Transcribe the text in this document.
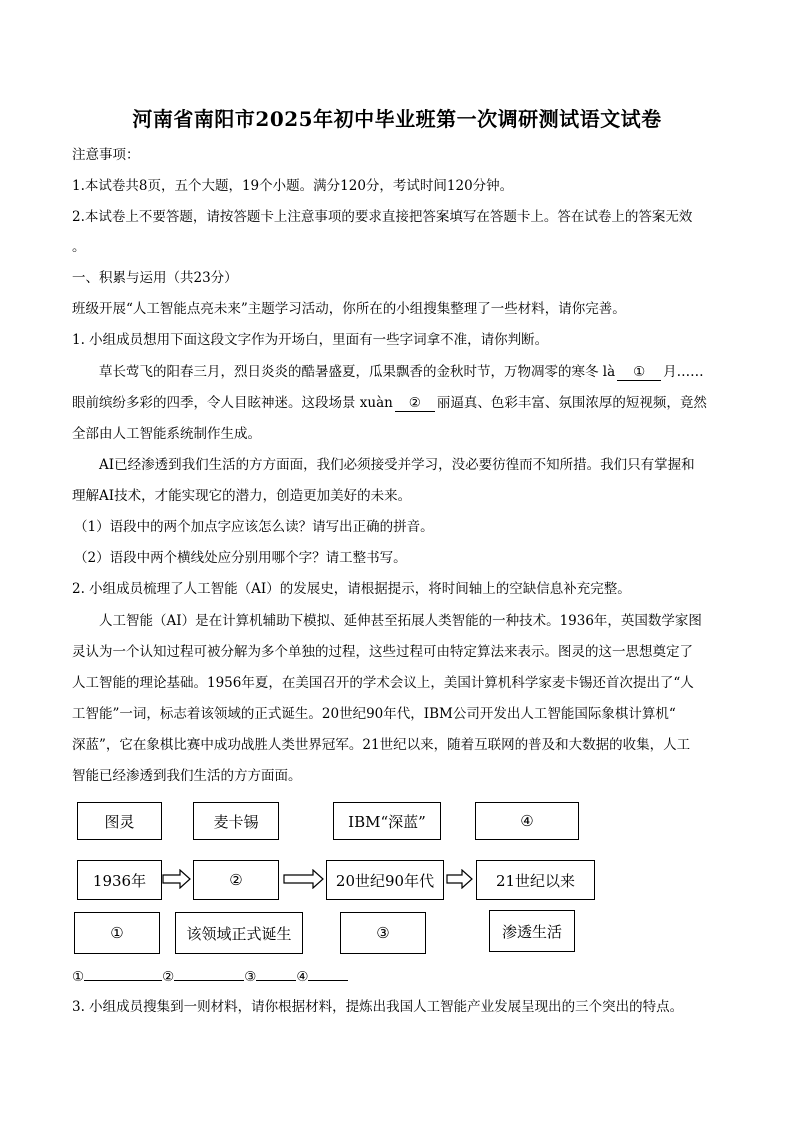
河南省南阳市2025年初中毕业班第一次调研测试语文试卷
注意事项：
1.本试卷共8页，五个大题，19个小题。满分120分，考试时间120分钟。
2.本试卷上不要答题，请按答题卡上注意事项的要求直接把答案填写在答题卡上。答在试卷上的答案无效
。
一、积累与运用（共23分）
班级开展“人工智能点亮未来”主题学习活动，你所在的小组搜集整理了一些材料，请你完善。
1. 小组成员想用下面这段文字作为开场白，里面有一些字词拿不准，请你判断。
草长莺飞的阳春三月，烈日炎炎的酷暑盛夏，瓜果飘香的金秋时节，万物凋零的寒冬 là ① 月……
眼前缤纷多彩的四季，令人目眩神迷。这段场景 xuàn ② 丽逼真、色彩丰富、氛围浓厚的短视频，竟然
全部由人工智能系统制作生成。
AI已经渗透到我们生活的方方面面，我们必须接受并学习，没必要彷徨而不知所措。我们只有掌握和
理解AI技术，才能实现它的潜力，创造更加美好的未来。
（1）语段中的两个加点字应该怎么读？请写出正确的拼音。
（2）语段中两个横线处应分别用哪个字？请工整书写。
2. 小组成员梳理了人工智能（AI）的发展史，请根据提示，将时间轴上的空缺信息补充完整。
人工智能（AI）是在计算机辅助下模拟、延伸甚至拓展人类智能的一种技术。1936年，英国数学家图
灵认为一个认知过程可被分解为多个单独的过程，这些过程可由特定算法来表示。图灵的这一思想奠定了
人工智能的理论基础。1956年夏，在美国召开的学术会议上，美国计算机科学家麦卡锡还首次提出了“人
工智能”一词，标志着该领域的正式诞生。20世纪90年代，IBM公司开发出人工智能国际象棋计算机“
深蓝”，它在象棋比赛中成功战胜人类世界冠军。21世纪以来，随着互联网的普及和大数据的收集，人工
智能已经渗透到我们生活的方方面面。
图灵	麦卡锡	IBM“深蓝”	④
1936年	②	20世纪90年代	21世纪以来
①	该领域正式诞生	③	渗透生活
①	②	③	④
3. 小组成员搜集到一则材料，请你根据材料，提炼出我国人工智能产业发展呈现出的三个突出的特点。
